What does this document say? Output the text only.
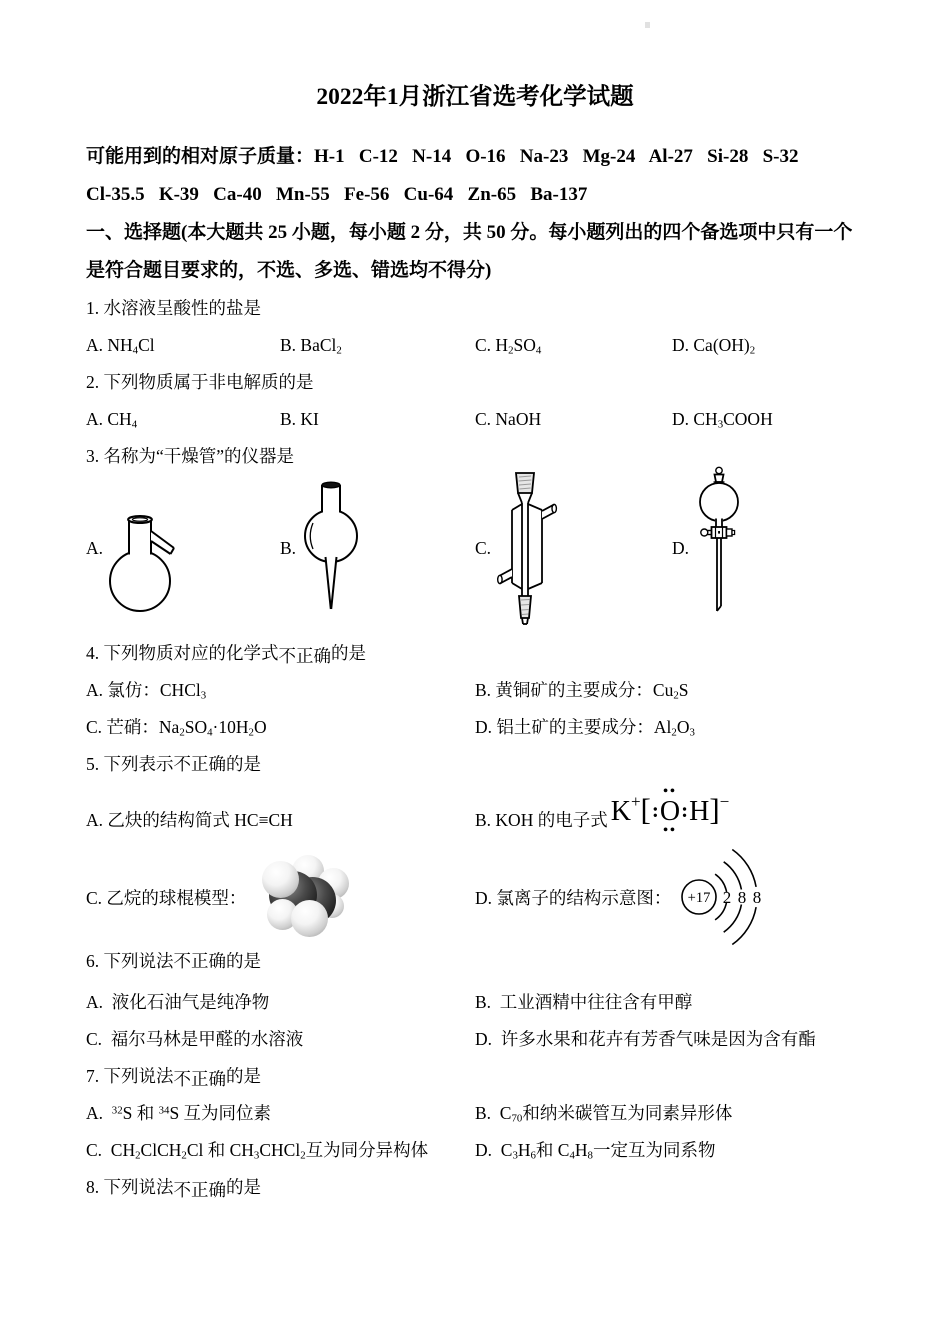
2022年1月浙江省选考化学试题
可能用到的相对原子质量：H-1   C-12   N-14   O-16   Na-23   Mg-24   Al-27   Si-28   S-32
Cl-35.5   K-39   Ca-40   Mn-55   Fe-56   Cu-64   Zn-65   Ba-137
一、选择题(本大题共 25 小题，每小题 2 分，共 50 分。每小题列出的四个备选项中只有一个
是符合题目要求的，不选、多选、错选均不得分)
1. 水溶液呈酸性的盐是
A. $NH_4Cl$	B. BaCl$_2$	C. $H_2SO_4$	D. $Ca(OH)_2$
2. 下列物质属于非电解质的是
A. $CH_4$	B. KI	C. NaOH	D. $CH_3COOH$
3. 名称为“干燥管”的仪器是
A.	B.	C.	D.
4. 下列物质对应的化学式不正确的是
A. 氯仿：CHCl$_3$	B. 黄铜矿的主要成分：$Cu_2S$
C. 芒硝：$Na_2SO_4\cdot 10H_2O$	D. 铝土矿的主要成分：$Al_2O_3$
5. 下列表示不正确的是
A. 乙炔的结构简式 HC≡CH	B. KOH 的电子式 K + [ :
••
O
••
: H ] −
C. 乙烷的球棍模型：

	D. 氯离子的结构示意图： +17 2 8 8
6. 下列说法不正确的是
A.  液化石油气是纯净物	B.  工业酒精中往往含有甲醇
C.  福尔马林是甲醛的水溶液	D.  许多水果和花卉有芳香气味是因为含有酯
7. 下列说法不正确的是
A.  $^{32}$S 和 $^{34}$S 互为同位素	B.  $C_{70}$和纳米碳管互为同素异形体
C.  $CH_2ClCH_2Cl$ 和 $CH_3CHCl_2$互为同分异构体	D.  $C_3H_6$和 $C_4H_8$一定互为同系物
8. 下列说法不正确的是
